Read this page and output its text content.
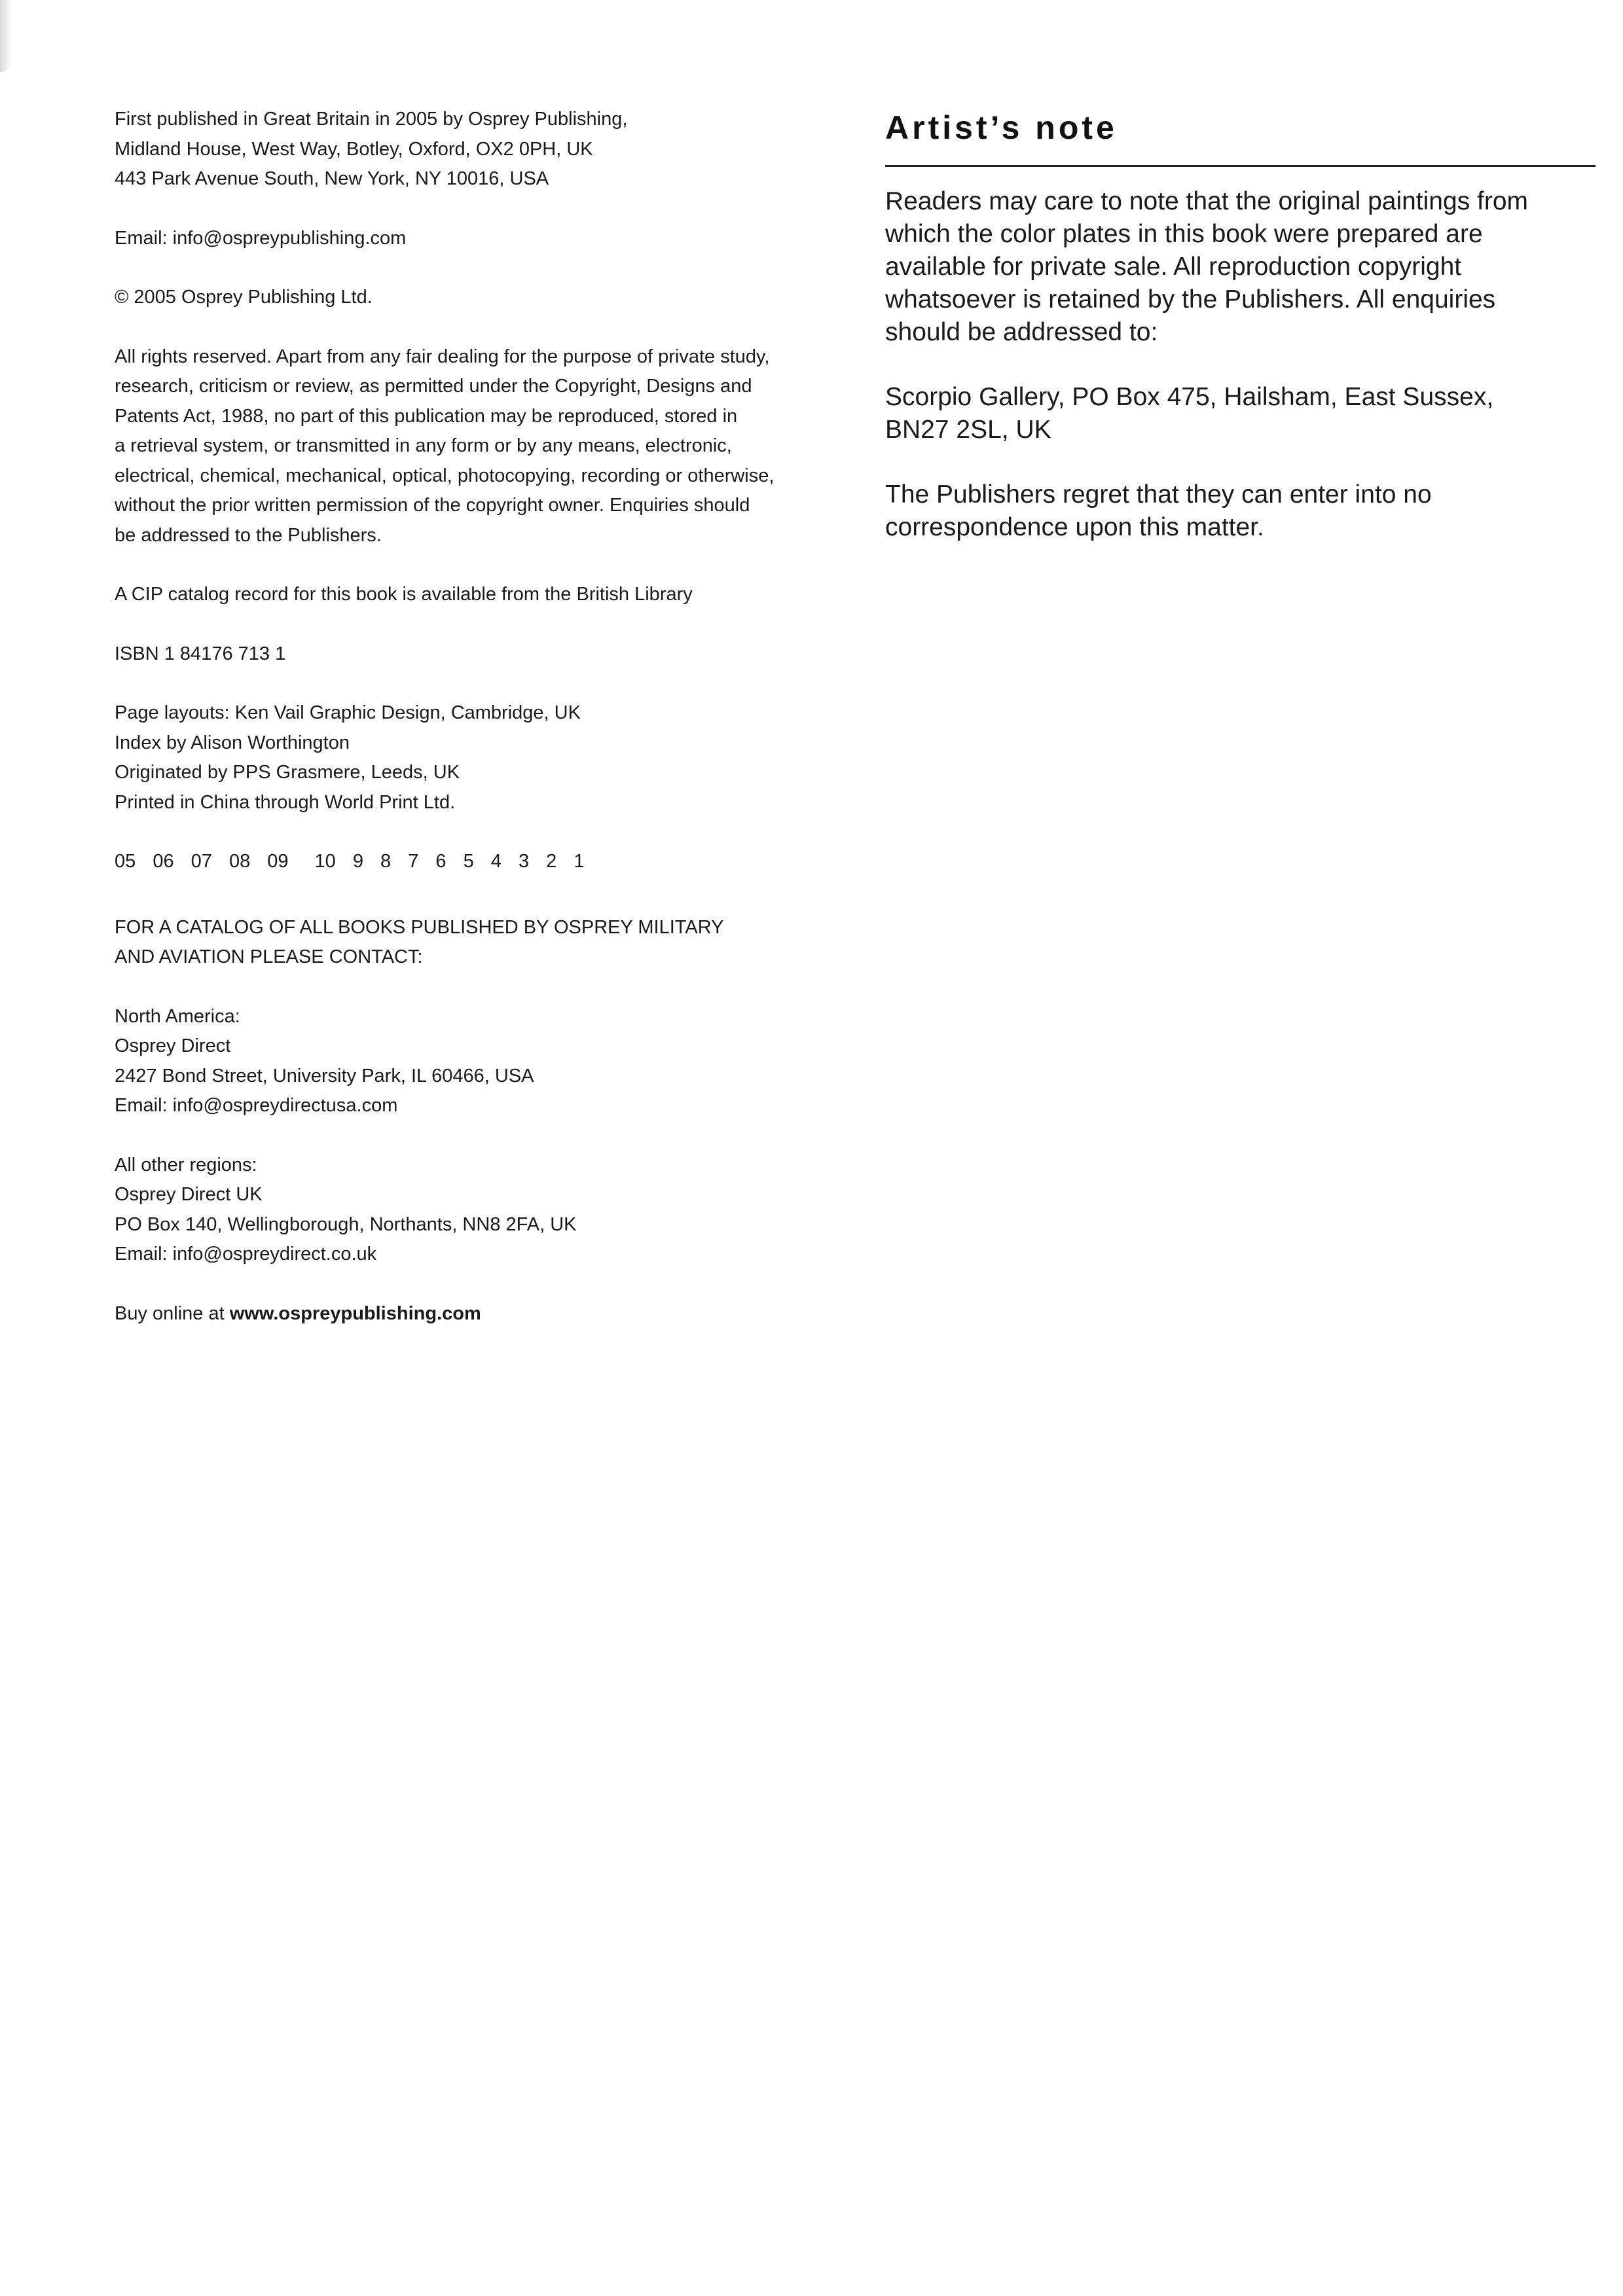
First published in Great Britain in 2005 by Osprey Publishing,
Midland House, West Way, Botley, Oxford, OX2 0PH, UK
443 Park Avenue South, New York, NY 10016, USA
Email: info@ospreypublishing.com
© 2005 Osprey Publishing Ltd.
All rights reserved. Apart from any fair dealing for the purpose of private study,
research, criticism or review, as permitted under the Copyright, Designs and
Patents Act, 1988, no part of this publication may be reproduced, stored in
a retrieval system, or transmitted in any form or by any means, electronic,
electrical, chemical, mechanical, optical, photocopying, recording or otherwise,
without the prior written permission of the copyright owner. Enquiries should
be addressed to the Publishers.
A CIP catalog record for this book is available from the British Library
ISBN 1 84176 713 1
Page layouts: Ken Vail Graphic Design, Cambridge, UK
Index by Alison Worthington
Originated by PPS Grasmere, Leeds, UK
Printed in China through World Print Ltd.
05 06 07 08 09 10 9 8 7 6 5 4 3 2 1
FOR A CATALOG OF ALL BOOKS PUBLISHED BY OSPREY MILITARY
AND AVIATION PLEASE CONTACT:
North America:
Osprey Direct
2427 Bond Street, University Park, IL 60466, USA
Email: info@ospreydirectusa.com
All other regions:
Osprey Direct UK
PO Box 140, Wellingborough, Northants, NN8 2FA, UK
Email: info@ospreydirect.co.uk
Buy online at www.ospreypublishing.com
Artist’s note

Readers may care to note that the original paintings from
which the color plates in this book were prepared are
available for private sale. All reproduction copyright
whatsoever is retained by the Publishers. All enquiries
should be addressed to:

Scorpio Gallery, PO Box 475, Hailsham, East Sussex,
BN27 2SL, UK

The Publishers regret that they can enter into no
correspondence upon this matter.
